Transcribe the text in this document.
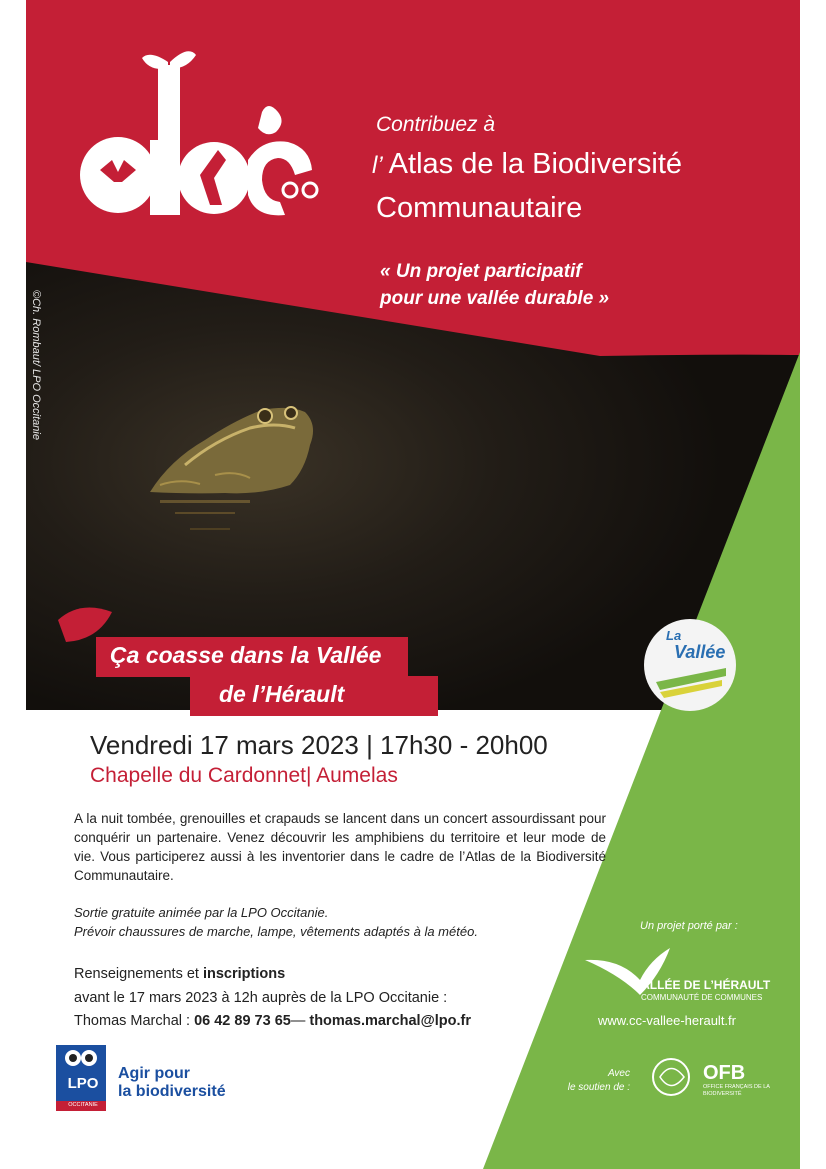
©Ch. Rombaut/ LPO Occitanie
Contribuez à
l’ Atlas de la Biodiversité
Communautaire
« Un projet participatif
pour une vallée durable »
Ça coasse dans la Vallée
de l’Hérault
La
Vallée
Vendredi 17 mars 2023 | 17h30 - 20h00
Chapelle du Cardonnet| Aumelas

A la nuit tombée, grenouilles et crapauds se lancent dans un concert assourdissant pour conquérir un partenaire. Venez découvrir les amphibiens du territoire et leur mode de vie. Vous participerez aussi à les inventorier dans le cadre de l’Atlas de la Biodiversité Communautaire.

Sortie gratuite animée par la LPO Occitanie.
Prévoir chaussures de marche, lampe, vêtements adaptés à la météo.
Renseignements et inscriptions
avant le 17 mars 2023 à 12h auprès de la LPO Occitanie :
Thomas Marchal : 06 42 89 73 65— thomas.marchal@lpo.fr
Un projet porté par :
VALLÉE DE L’HÉRAULT
COMMUNAUTÉ DE COMMUNES
www.cc-vallee-herault.fr
Avec
le soutien de :
OFB
OFFICE FRANÇAIS DE LA BIODIVERSITÉ
LPO
OCCITANIE
Agir pour
la biodiversité
